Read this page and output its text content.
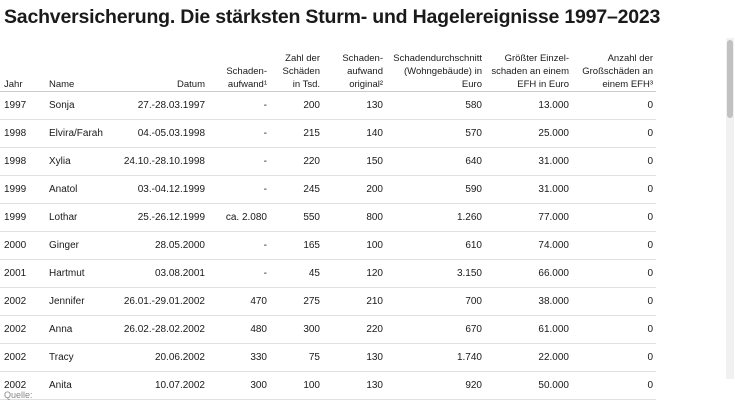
Sachversicherung. Die stärksten Sturm- und Hagelereignisse 1997–2023
Jahr	Name	Datum	Schaden-aufwand¹	Zahl der Schäden in Tsd.	Schaden-aufwand original²	Schadendurchschnitt (Wohngebäude) in Euro	Größter Einzel-schaden an einem EFH in Euro	Anzahl der Großschäden an einem EFH³

1997	Sonja	27.-28.03.1997	-	200	130	580	13.000	0

1998	Elvira/Farah	04.-05.03.1998	-	215	140	570	25.000	0

1998	Xylia	24.10.-28.10.1998	-	220	150	640	31.000	0

1999	Anatol	03.-04.12.1999	-	245	200	590	31.000	0

1999	Lothar	25.-26.12.1999	ca. 2.080	550	800	1.260	77.000	0

2000	Ginger	28.05.2000	-	165	100	610	74.000	0

2001	Hartmut	03.08.2001	-	45	120	3.150	66.000	0

2002	Jennifer	26.01.-29.01.2002	470	275	210	700	38.000	0

2002	Anna	26.02.-28.02.2002	480	300	220	670	61.000	0

2002	Tracy	20.06.2002	330	75	130	1.740	22.000	0

2002	Anita	10.07.2002	300	100	130	920	50.000	0
Quelle:
